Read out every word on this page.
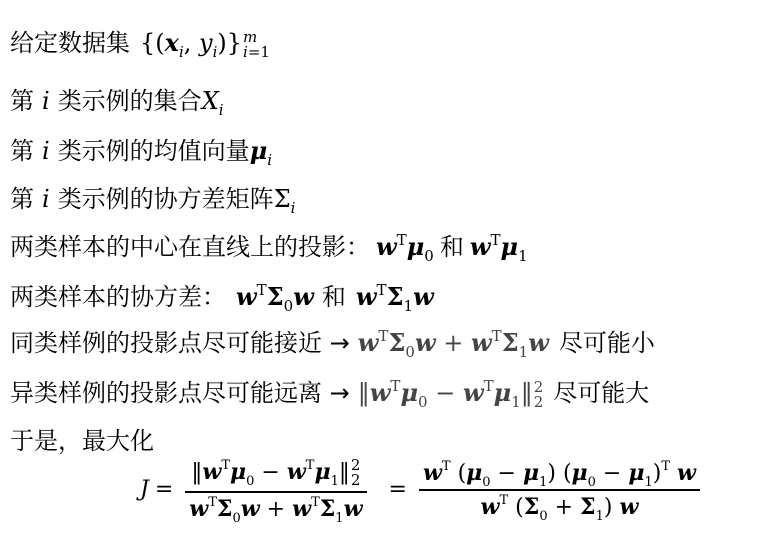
给定数据集 {($x_i$, $y_i$)} m
i=1
第 i 类示例的集合 $X_i$
第 i 类示例的均值向量 $\mu_i$
第 i 类示例的协方差矩阵 $\Sigma_i$
两类样本的中心在直线上的投影： $w^T\mu_0$ 和 $w^T\mu_1$
两类样本的协方差： $w^T\Sigma_0w$ 和 $w^T\Sigma_1w$
同类样例的投影点尽可能接近 → $w^T\Sigma_0w + w^T\Sigma_1w$ 尽可能小
异类样例的投影点尽可能远离 → $‖w^T\mu_0$ − $w^T\mu_1‖$ 2
2 尽可能大
于是，最大化
$J = ‖w^T\mu_0$ − $w^T\mu_1‖$ 2
2
$w^T\Sigma_0w + w^T\Sigma_1w = \frac{w^T (\mu_0 - \mu_1) (\mu_0 - \mu_1)^T w}{w^T (\Sigma_0 + \Sigma_1) w}$
